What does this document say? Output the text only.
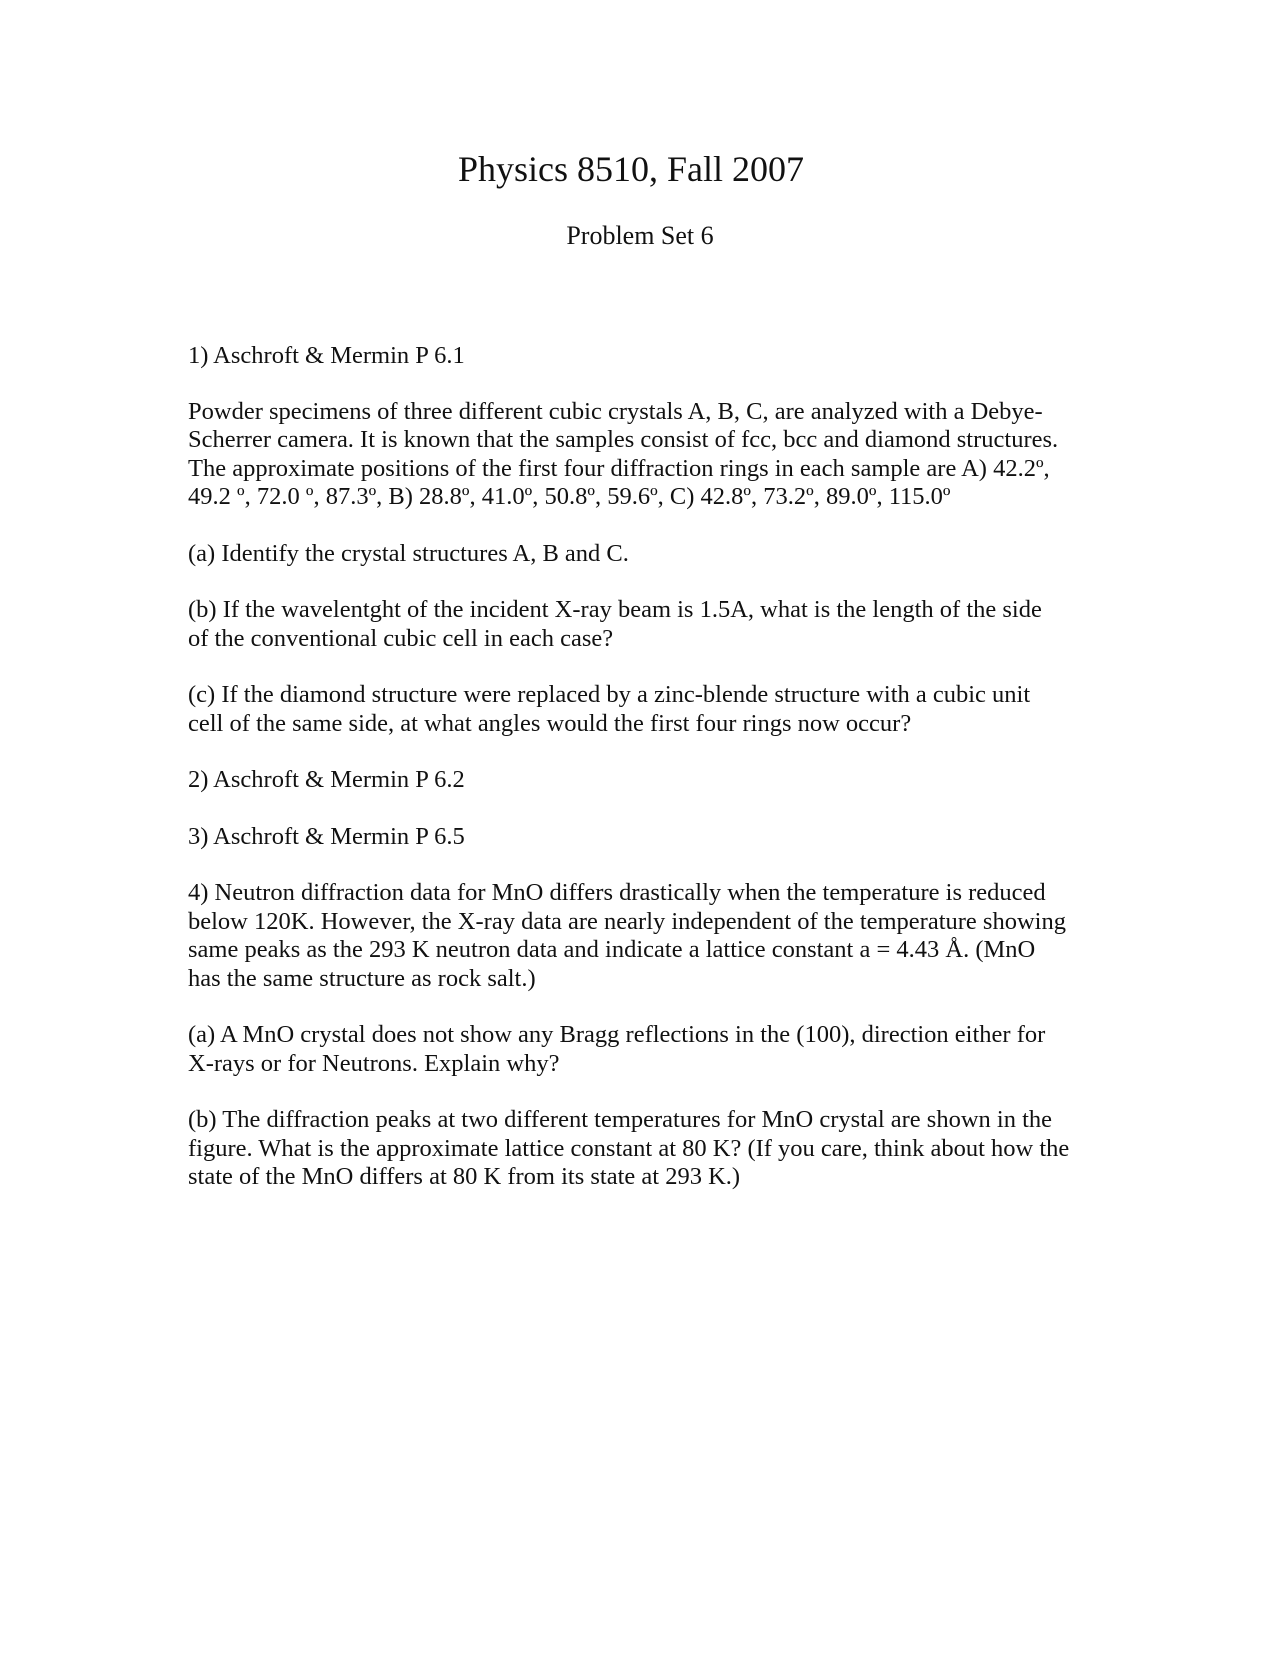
Physics 8510, Fall 2007
Problem Set 6

1) Aschroft & Mermin P 6.1

Powder specimens of three different cubic crystals A, B, C, are analyzed with a Debye-
Scherrer camera. It is known that the samples consist of fcc, bcc and diamond structures.
The approximate positions of the first four diffraction rings in each sample are A) 42.2º,
49.2 º, 72.0 º, 87.3º, B) 28.8º, 41.0º, 50.8º, 59.6º, C) 42.8º, 73.2º, 89.0º, 115.0º

(a) Identify the crystal structures A, B and C.

(b) If the wavelentght of the incident X-ray beam is 1.5A, what is the length of the side
of the conventional cubic cell in each case?

(c) If the diamond structure were replaced by a zinc-blende structure with a cubic unit
cell of the same side, at what angles would the first four rings now occur?

2) Aschroft & Mermin P 6.2

3) Aschroft & Mermin P 6.5

4) Neutron diffraction data for MnO differs drastically when the temperature is reduced
below 120K. However, the X-ray data are nearly independent of the temperature showing
same peaks as the 293 K neutron data and indicate a lattice constant a = 4.43 Å. (MnO
has the same structure as rock salt.)

(a) A MnO crystal does not show any Bragg reflections in the (100), direction either for
X-rays or for Neutrons. Explain why?

(b) The diffraction peaks at two different temperatures for MnO crystal are shown in the
figure. What is the approximate lattice constant at 80 K? (If you care, think about how the
state of the MnO differs at 80 K from its state at 293 K.)
